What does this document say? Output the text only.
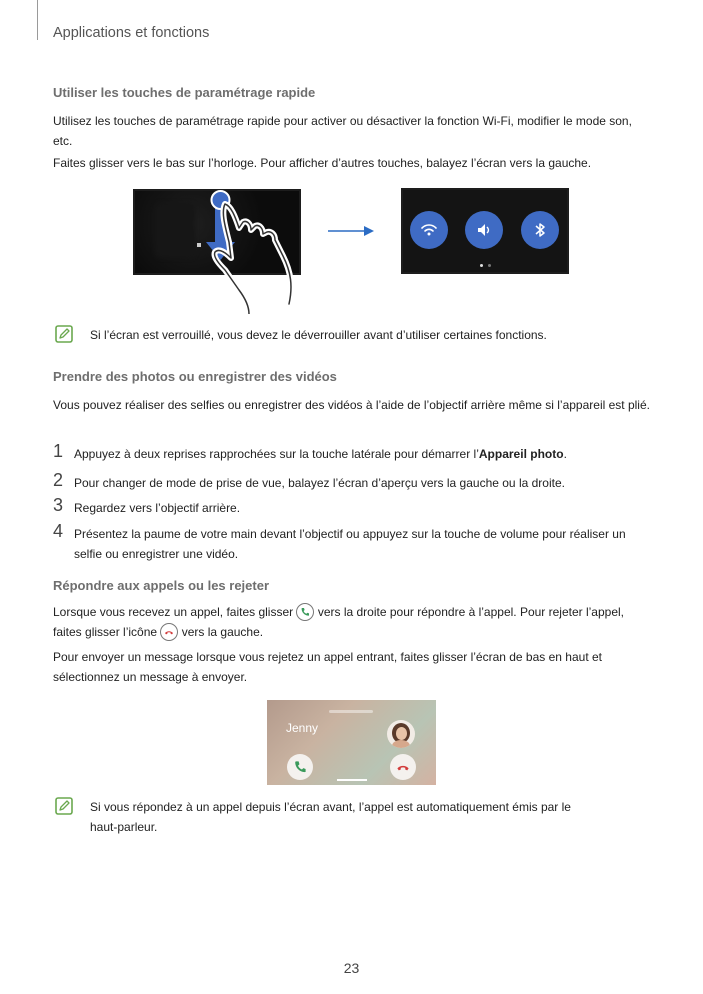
Applications et fonctions
Utiliser les touches de paramétrage rapide
Utilisez les touches de paramétrage rapide pour activer ou désactiver la fonction Wi-Fi, modifier le mode son, etc.
Faites glisser vers le bas sur l’horloge. Pour afficher d’autres touches, balayez l’écran vers la gauche.
Si l’écran est verrouillé, vous devez le déverrouiller avant d’utiliser certaines fonctions.
Prendre des photos ou enregistrer des vidéos
Vous pouvez réaliser des selfies ou enregistrer des vidéos à l’aide de l’objectif arrière même si l’appareil est plié.
1 Appuyez à deux reprises rapprochées sur la touche latérale pour démarrer l’Appareil photo.
2 Pour changer de mode de prise de vue, balayez l’écran d’aperçu vers la gauche ou la droite.
3 Regardez vers l’objectif arrière.
4 Présentez la paume de votre main devant l’objectif ou appuyez sur la touche de volume pour réaliser un selfie ou enregistrer une vidéo.
Répondre aux appels ou les rejeter
Lorsque vous recevez un appel, faites glisser vers la droite pour répondre à l’appel. Pour rejeter l’appel, faites glisser l’icône vers la gauche.
Pour envoyer un message lorsque vous rejetez un appel entrant, faites glisser l’écran de bas en haut et sélectionnez un message à envoyer.
Jenny
Si vous répondez à un appel depuis l’écran avant, l’appel est automatiquement émis par le haut-parleur.
23
